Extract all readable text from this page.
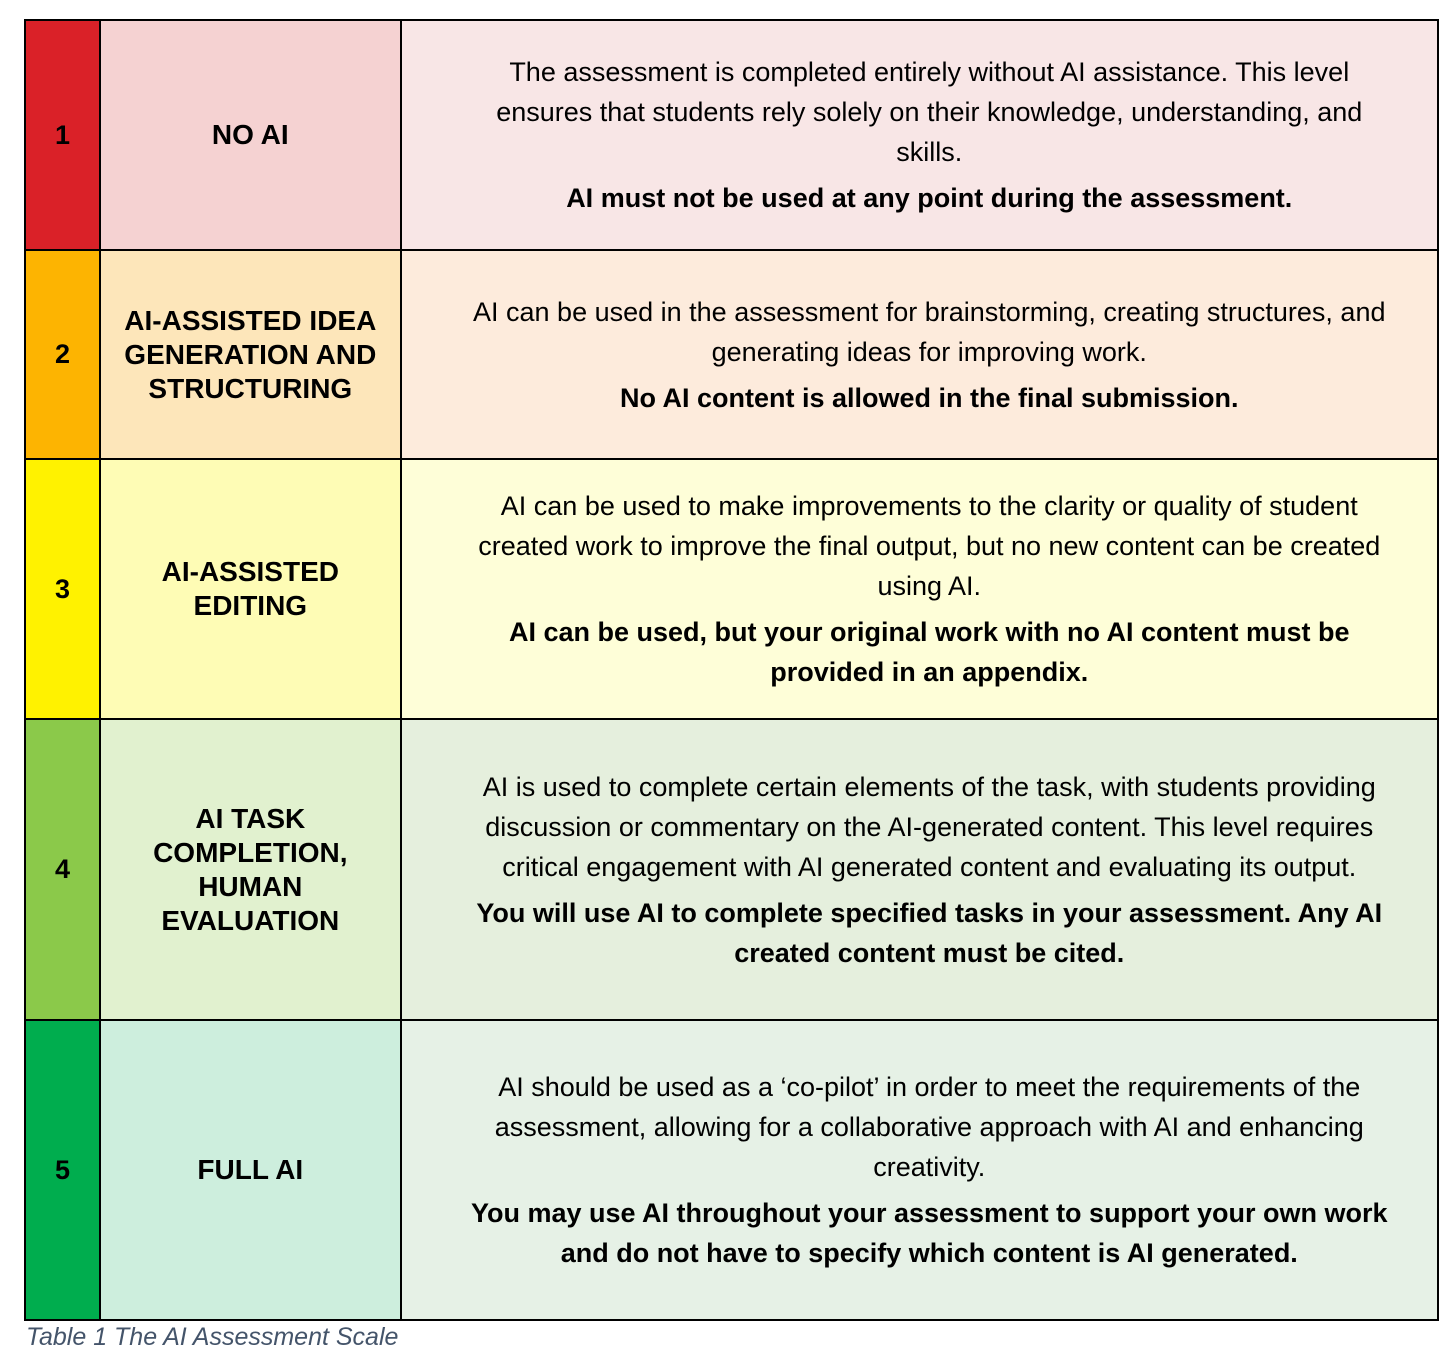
1	NO AI	The assessment is completed entirely without AI assistance. This level ensures that students rely solely on their knowledge, understanding, and skills.

AI must not be used at any point during the assessment.

2	AI-ASSISTED IDEA GENERATION AND STRUCTURING	AI can be used in the assessment for brainstorming, creating structures, and generating ideas for improving work.

No AI content is allowed in the final submission.

3	AI-ASSISTED EDITING	AI can be used to make improvements to the clarity or quality of student created work to improve the final output, but no new content can be created using AI.

AI can be used, but your original work with no AI content must be provided in an appendix.

4	AI TASK COMPLETION, HUMAN EVALUATION	AI is used to complete certain elements of the task, with students providing discussion or commentary on the AI-generated content. This level requires critical engagement with AI generated content and evaluating its output.

You will use AI to complete specified tasks in your assessment. Any AI created content must be cited.

5	FULL AI	AI should be used as a ‘co-pilot’ in order to meet the requirements of the assessment, allowing for a collaborative approach with AI and enhancing creativity.

You may use AI throughout your assessment to support your own work and do not have to specify which content is AI generated.

Table 1 The AI Assessment Scale
